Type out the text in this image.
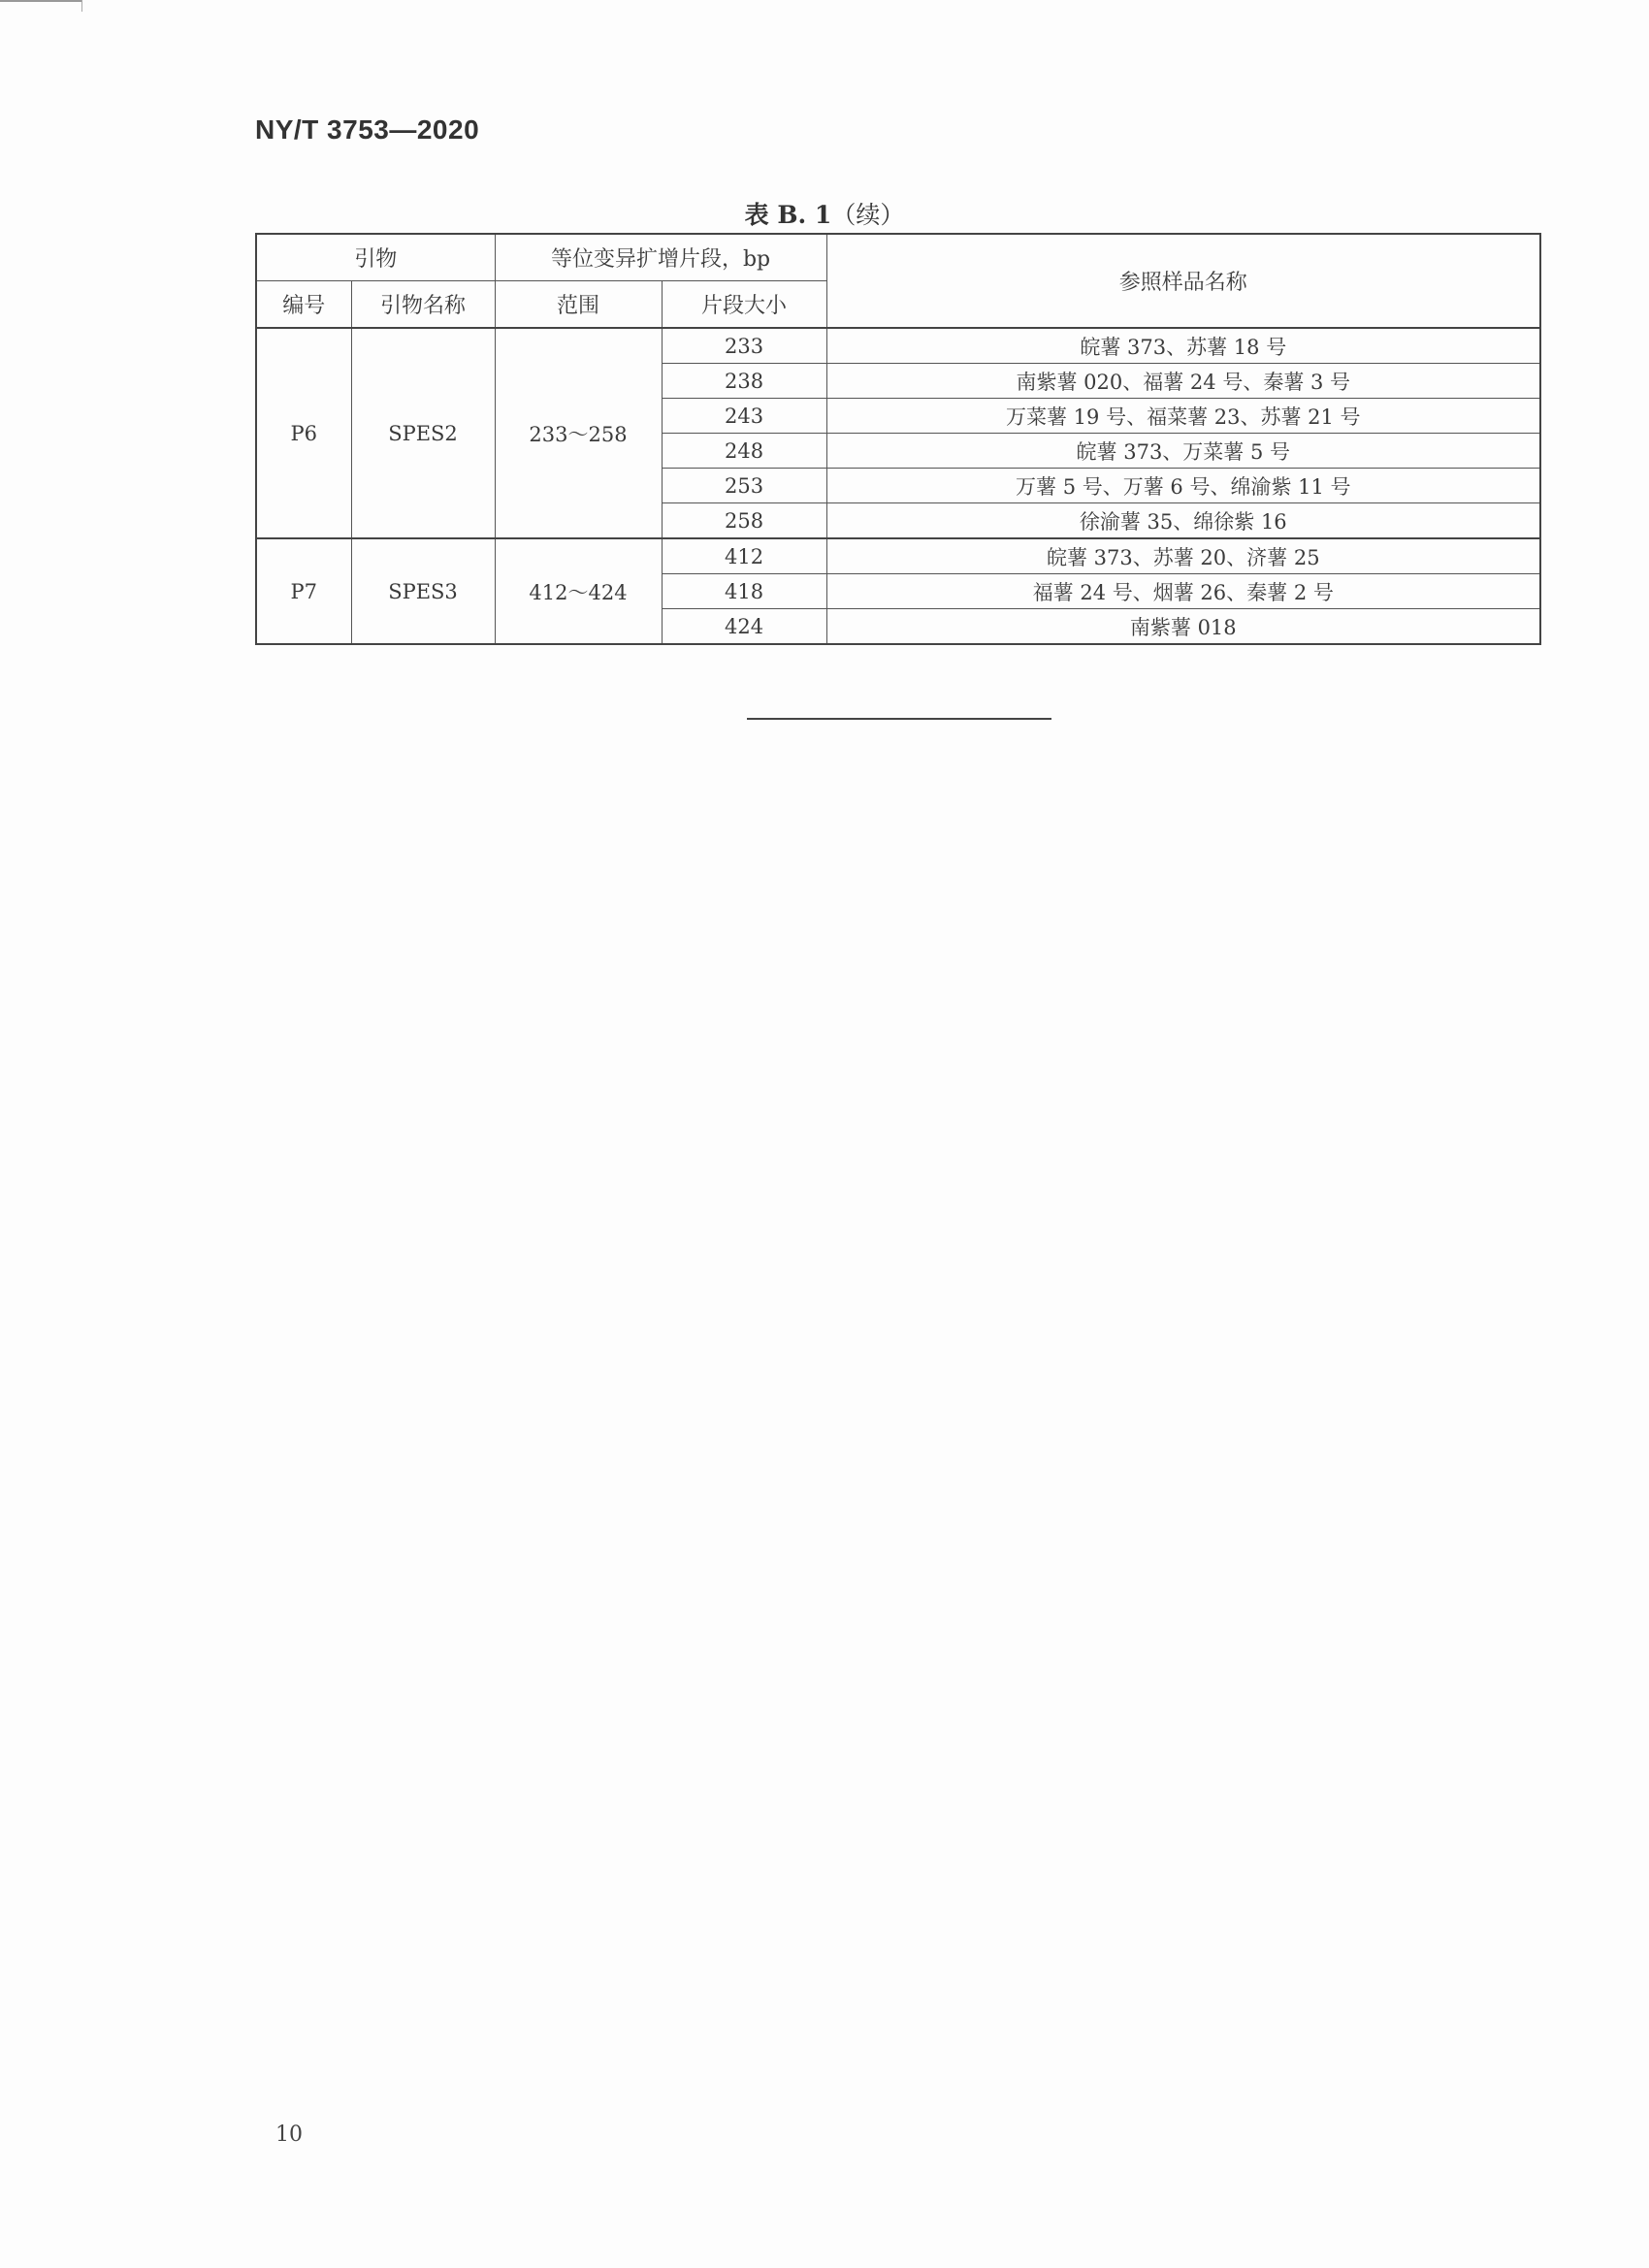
NY/T 3753—2020
表 B. 1（续）
引物		等位变异扩增片段，bp		参照样品名称
编号	引物名称	范围	片段大小	
P6	SPES2	233～258	233	皖薯 373、苏薯 18 号
			238	南紫薯 020、福薯 24 号、秦薯 3 号
			243	万菜薯 19 号、福菜薯 23、苏薯 21 号
			248	皖薯 373、万菜薯 5 号
			253	万薯 5 号、万薯 6 号、绵渝紫 11 号
			258	徐渝薯 35、绵徐紫 16
P7	SPES3	412～424	412	皖薯 373、苏薯 20、济薯 25
			418	福薯 24 号、烟薯 26、秦薯 2 号
			424	南紫薯 018
10
